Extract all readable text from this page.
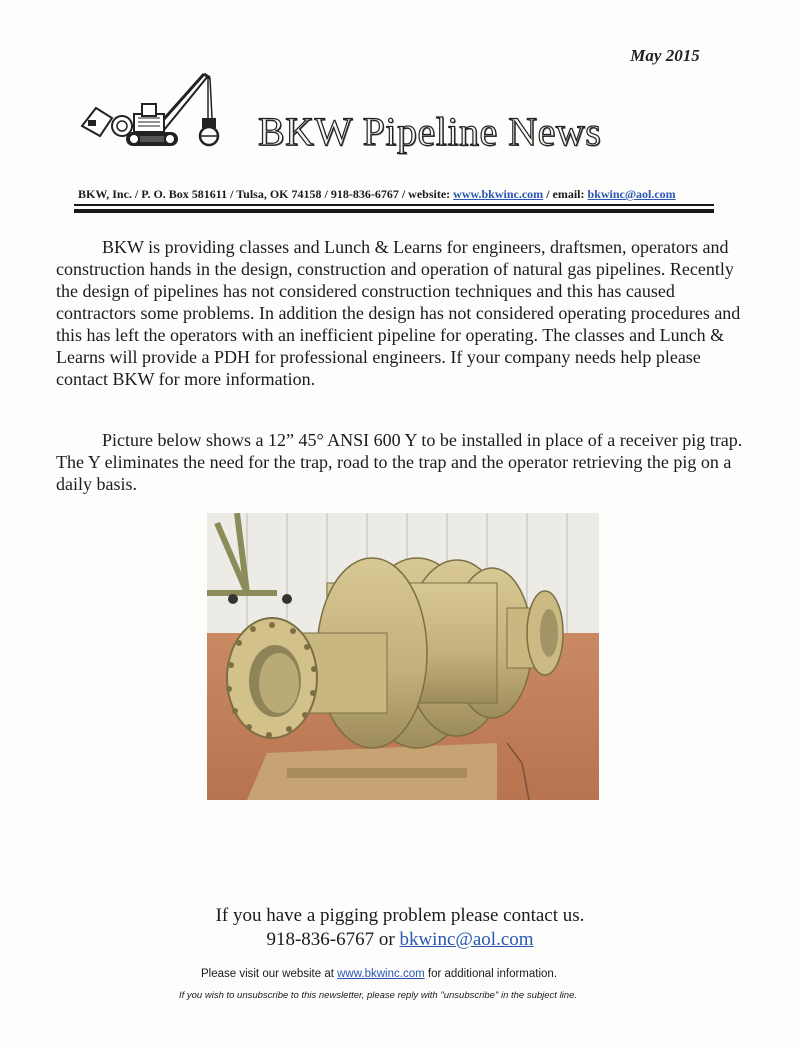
May 2015
BKW Pipeline News
BKW, Inc. / P. O. Box 581611 / Tulsa, OK 74158 / 918-836-6767 / website: www.bkwinc.com / email: bkwinc@aol.com

BKW is providing classes and Lunch & Learns for engineers, draftsmen, operators and construction hands in the design, construction and operation of natural gas pipelines. Recently the design of pipelines has not considered construction techniques and this has caused contractors some problems. In addition the design has not considered operating procedures and this has left the operators with an inefficient pipeline for operating. The classes and Lunch & Learns will provide a PDH for professional engineers. If your company needs help please contact BKW for more information.

Picture below shows a 12” 45° ANSI 600 Y to be installed in place of a receiver pig trap. The Y eliminates the need for the trap, road to the trap and the operator retrieving the pig on a daily basis.

If you have a pigging problem please contact us.
918-836-6767 or bkwinc@aol.com
Please visit our website at www.bkwinc.com for additional information.
If you wish to unsubscribe to this newsletter, please reply with "unsubscribe" in the subject line.
